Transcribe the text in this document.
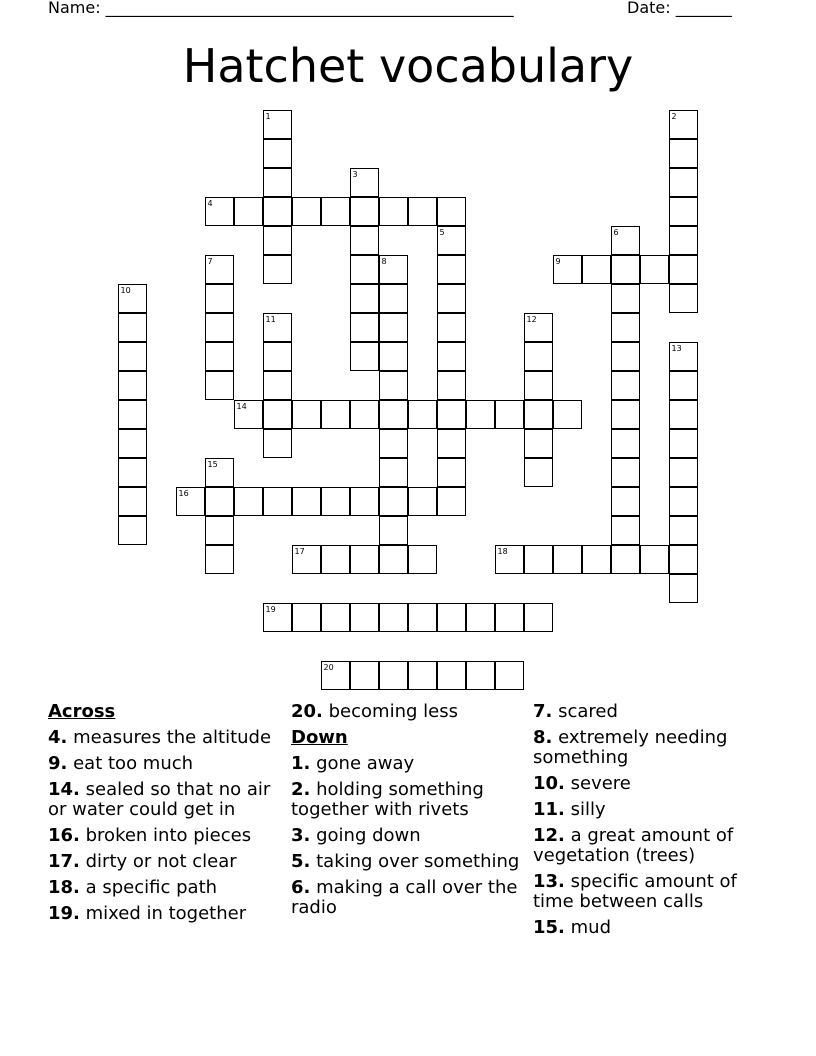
Name: ___________________________________________________	Date: _______
Hatchet vocabulary
1	2
3
4
5	6
7	8	9
10
11	12
13
14
15
16
17	18
19
20
Across
4. measures the altitude
9. eat too much
14. sealed so that no air or water could get in
16. broken into pieces
17. dirty or not clear
18. a specific path
19. mixed in together
20. becoming less
Down
1. gone away
2. holding something together with rivets
3. going down
5. taking over something
6. making a call over the radio
7. scared
8. extremely needing something
10. severe
11. silly
12. a great amount of vegetation (trees)
13. specific amount of time between calls
15. mud
